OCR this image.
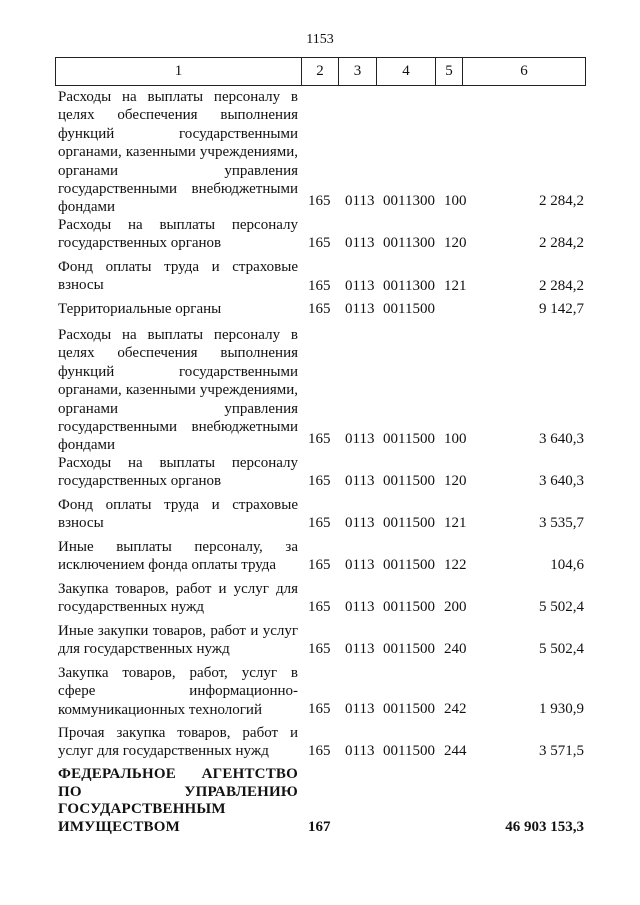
1153
1	2	3	4	5	6
Расходы на выплаты персоналу в целях обеспечения выполнения функций государственными органами, казенными учреждениями, органами управления государственными внебюджетными фондами	165 0113 0011300 100	2 284,2
Расходы на выплаты персоналу государственных органов	165 0113 0011300 120	2 284,2
Фонд оплаты труда и страховые взносы	165 0113 0011300 121	2 284,2
Территориальные органы	165 0113 0011500	9 142,7
Расходы на выплаты персоналу в целях обеспечения выполнения функций государственными органами, казенными учреждениями, органами управления государственными внебюджетными фондами	165 0113 0011500 100	3 640,3
Расходы на выплаты персоналу государственных органов	165 0113 0011500 120	3 640,3
Фонд оплаты труда и страховые взносы	165 0113 0011500 121	3 535,7
Иные выплаты персоналу, за исключением фонда оплаты труда	165 0113 0011500 122	104,6
Закупка товаров, работ и услуг для государственных нужд	165 0113 0011500 200	5 502,4
Иные закупки товаров, работ и услуг для государственных нужд	165 0113 0011500 240	5 502,4
Закупка товаров, работ, услуг в сфере информационно-коммуникационных технологий	165 0113 0011500 242	1 930,9
Прочая закупка товаров, работ и услуг для государственных нужд	165 0113 0011500 244	3 571,5
ФЕДЕРАЛЬНОЕ АГЕНТСТВО ПО УПРАВЛЕНИЮ ГОСУДАРСТВЕННЫМ ИМУЩЕСТВОМ	167	46 903 153,3
